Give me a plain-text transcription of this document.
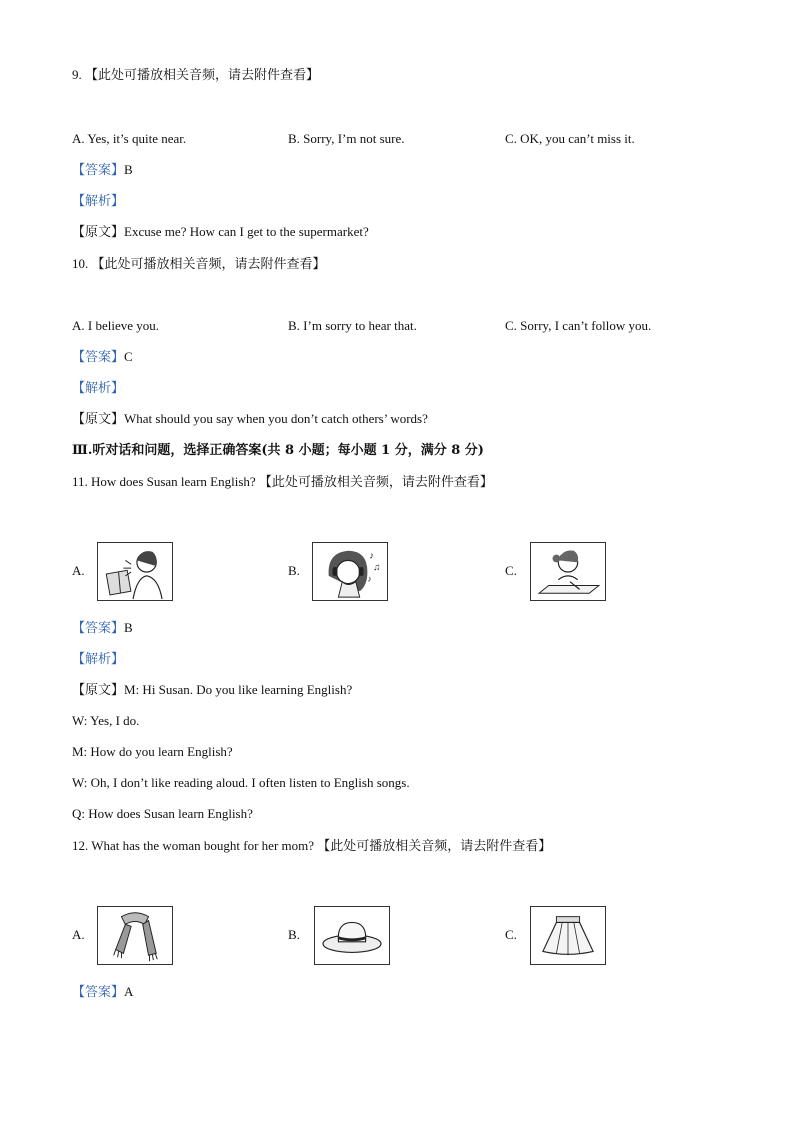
9. 【此处可播放相关音频，请去附件查看】
A. Yes, it’s quite near.	B. Sorry, I’m not sure.	C. OK, you can’t miss it.
【答案】B
【解析】
【原文】Excuse me? How can I get to the supermarket?
10. 【此处可播放相关音频，请去附件查看】
A. I believe you.	B. I’m sorry to hear that.	C. Sorry, I can’t follow you.
【答案】C
【解析】
【原文】What should you say when you don’t catch others’ words?
Ⅲ.听对话和问题，选择正确答案(共 8 小题；每小题 1 分，满分 8 分)
11. How does Susan learn English? 【此处可播放相关音频，请去附件查看】
A.	B.
♪
♫
♪
C.
【答案】B
【解析】
【原文】M: Hi Susan. Do you like learning English?
W: Yes, I do.
M: How do you learn English?
W: Oh, I don’t like reading aloud. I often listen to English songs.
Q: How does Susan learn English?
12. What has the woman bought for her mom? 【此处可播放相关音频，请去附件查看】
A.	B.	C.
【答案】A
